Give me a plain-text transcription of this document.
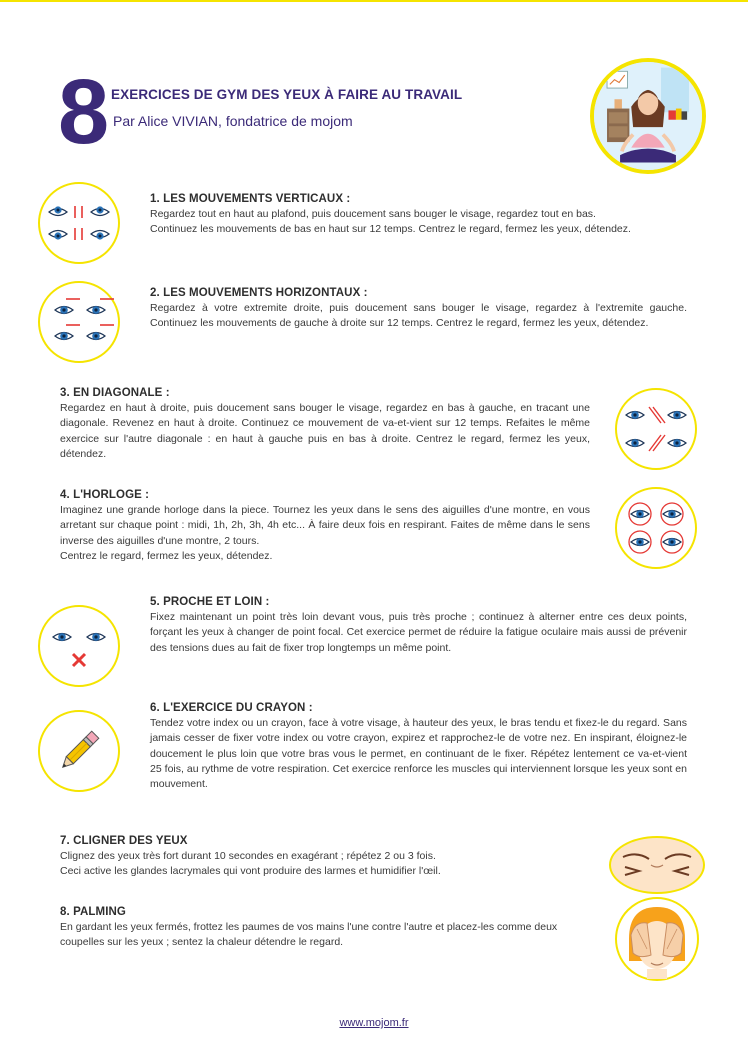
8 EXERCICES DE GYM DES YEUX À FAIRE AU TRAVAIL
Par Alice VIVIAN, fondatrice de mojom
1. LES MOUVEMENTS VERTICAUX :

Regardez tout en haut au plafond, puis doucement sans bouger le visage, regardez tout en bas.

Continuez les mouvements de bas en haut sur 12 temps. Centrez le regard, fermez les yeux, détendez.

2. LES MOUVEMENTS HORIZONTAUX :

Regardez à votre extremite droite, puis doucement sans bouger le visage, regardez à l'extremite gauche. Continuez les mouvements de gauche à droite sur 12 temps. Centrez le regard, fermez les yeux, détendez.

3. EN DIAGONALE :

Regardez en haut à droite, puis doucement sans bouger le visage, regardez en bas à gauche, en tracant une diagonale. Revenez en haut à droite. Continuez ce mouvement de va-et-vient sur 12 temps. Refaites le même exercice sur l'autre diagonale : en haut à gauche puis en bas à droite. Centrez le regard, fermez les yeux, détendez.

4. L'HORLOGE :

Imaginez une grande horloge dans la piece. Tournez les yeux dans le sens des aiguilles d'une montre, en vous arretant sur chaque point : midi, 1h, 2h, 3h, 4h etc... À faire deux fois en respirant. Faites de même dans le sens inverse des aiguilles d'une montre, 2 tours.

Centrez le regard, fermez les yeux, détendez.

5. PROCHE ET LOIN :

Fixez maintenant un point très loin devant vous, puis très proche ; continuez à alterner entre ces deux points, forçant les yeux à changer de point focal. Cet exercice permet de réduire la fatigue oculaire mais aussi de prévenir des tensions dues au fait de fixer trop longtemps un même point.

6. L'EXERCICE DU CRAYON :

Tendez votre index ou un crayon, face à votre visage, à hauteur des yeux, le bras tendu et fixez-le du regard. Sans jamais cesser de fixer votre index ou votre crayon, expirez et rapprochez-le de votre nez. En inspirant, éloignez-le doucement le plus loin que votre bras vous le permet, en continuant de le fixer. Répétez lentement ce va-et-vient 25 fois, au rythme de votre respiration. Cet exercice renforce les muscles qui interviennent lorsque les yeux sont en mouvement.

7. CLIGNER DES YEUX

Clignez des yeux très fort durant 10 secondes en exagérant ; répétez 2 ou 3 fois.

Ceci active les glandes lacrymales qui vont produire des larmes et humidifier l'œil.

8. PALMING

En gardant les yeux fermés, frottez les paumes de vos mains l'une contre l'autre et placez-les comme deux coupelles sur les yeux ; sentez la chaleur détendre le regard.

www.mojom.fr
